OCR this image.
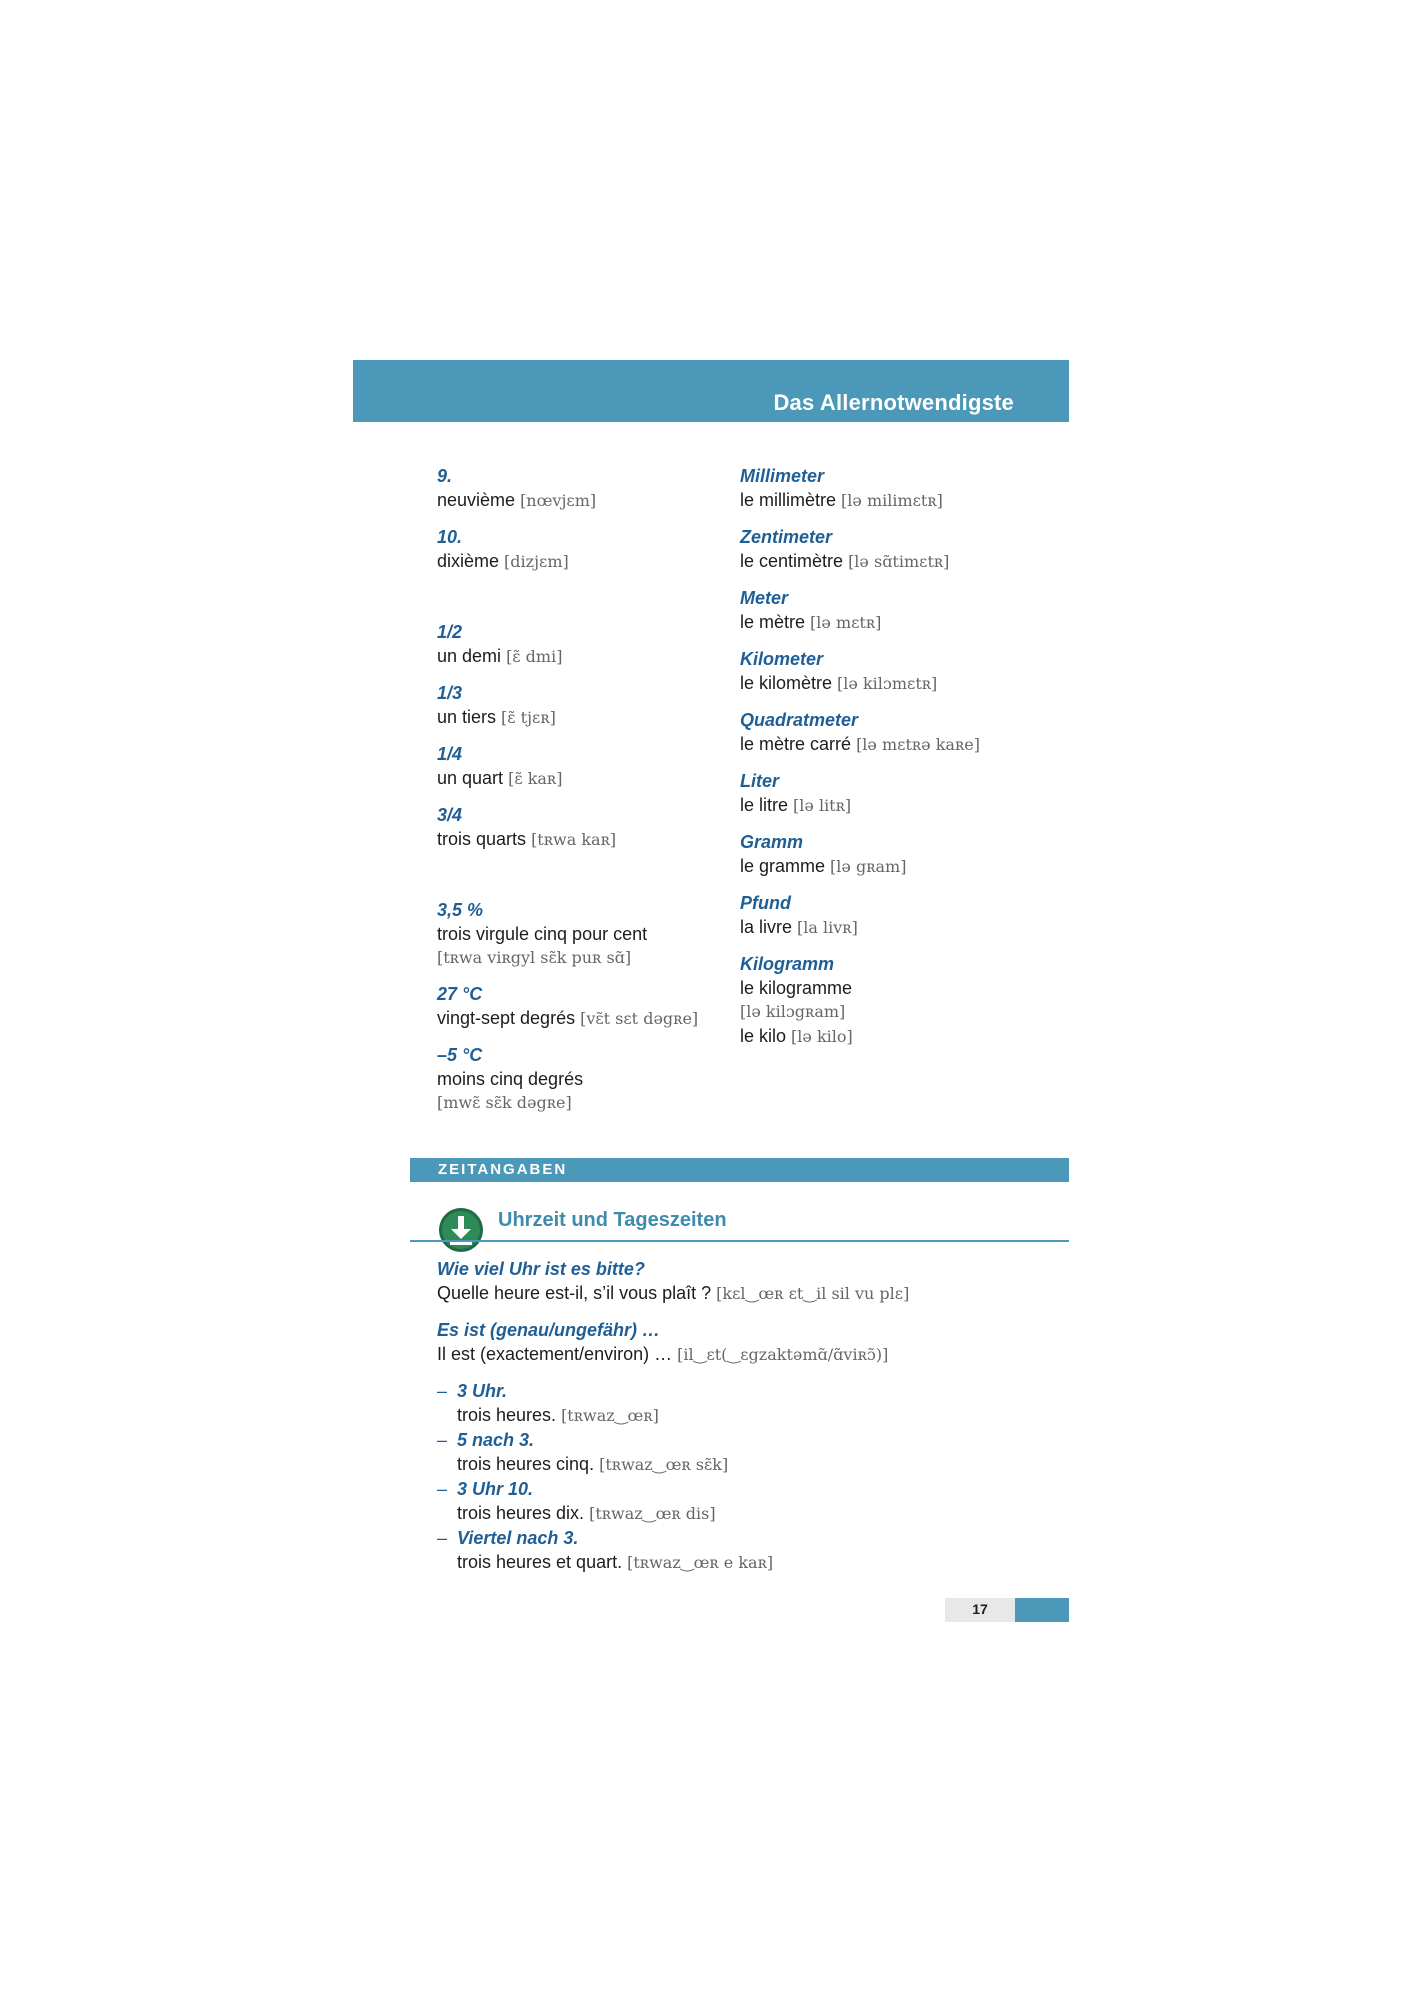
Das Allernotwendigste
9.
neuvième [nœvjɛm]
10.
dixième [dizjɛm]
1/2
un demi [ɛ̃ dmi]
1/3
un tiers [ɛ̃ tjɛʀ]
1/4
un quart [ɛ̃ kaʀ]
3/4
trois quarts [tʀwa kaʀ]
3,5 %
trois virgule cinq pour cent
[tʀwa viʀgyl sɛ̃k puʀ sɑ̃]
27 °C
vingt-sept degrés [vɛ̃t sɛt dəgʀe]
–5 °C
moins cinq degrés
[mwɛ̃ sɛ̃k dəgʀe]
Millimeter
le millimètre [lə milimɛtʀ]
Zentimeter
le centimètre [lə sɑ̃timɛtʀ]
Meter
le mètre [lə mɛtʀ]
Kilometer
le kilomètre [lə kilɔmɛtʀ]
Quadratmeter
le mètre carré [lə mɛtʀə kaʀe]
Liter
le litre [lə litʀ]
Gramm
le gramme [lə gʀam]
Pfund
la livre [la livʀ]
Kilogramm
le kilogramme
[lə kilɔgʀam]
le kilo [lə kilo]
ZEITANGABEN
Uhrzeit und Tageszeiten
Wie viel Uhr ist es bitte?
Quelle heure est-il, s’il vous plaît ? [kɛl‿œʀ ɛt‿il sil vu plɛ]
Es ist (genau/ungefähr) …
Il est (exactement/environ) … [il‿ɛt(‿ɛgzaktəmɑ̃/ɑ̃viʀɔ̃)]
– 3 Uhr.
trois heures. [tʀwaz‿œʀ]
– 5 nach 3.
trois heures cinq. [tʀwaz‿œʀ sɛ̃k]
– 3 Uhr 10.
trois heures dix. [tʀwaz‿œʀ dis]
– Viertel nach 3.
trois heures et quart. [tʀwaz‿œʀ e kaʀ]
17
